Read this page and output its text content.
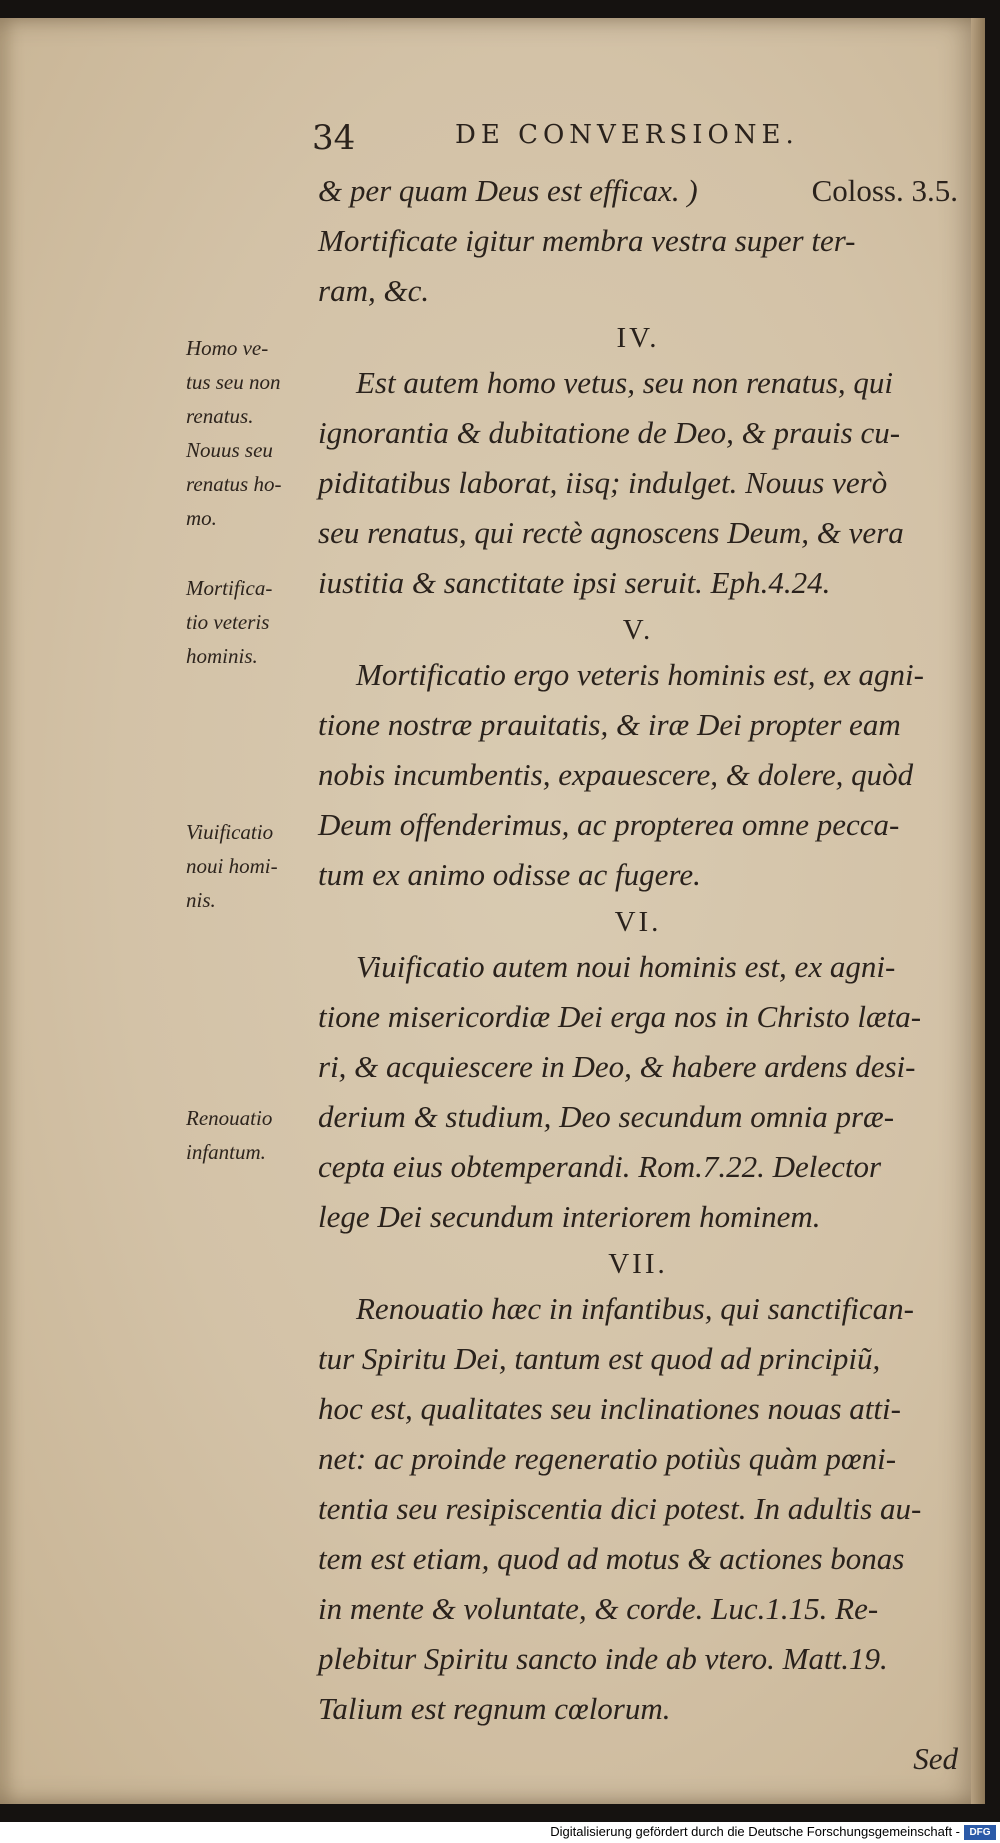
34	DE CONVERSIONE.
Homo ve-
tus seu non
renatus.
Nouus seu
renatus ho-
mo.
Mortifica-
tio veteris
hominis.
Viuificatio
noui homi-
nis.
Renouatio
infantum.
& per quam Deus est efficax. )	Coloss. 3.5.
Mortificate igitur membra vestra super ter-
ram, &c.
IV.
Est autem homo vetus, seu non renatus, qui
ignorantia & dubitatione de Deo, & prauis cu-
piditatibus laborat, iisq; indulget. Nouus verò
seu renatus, qui rectè agnoscens Deum, & vera
iustitia & sanctitate ipsi seruit. Eph.4.24.
V.
Mortificatio ergo veteris hominis est, ex agni-
tione nostræ prauitatis, & iræ Dei propter eam
nobis incumbentis, expauescere, & dolere, quòd
Deum offenderimus, ac propterea omne pecca-
tum ex animo odisse ac fugere.
VI.
Viuificatio autem noui hominis est, ex agni-
tione misericordiæ Dei erga nos in Christo læta-
ri, & acquiescere in Deo, & habere ardens desi-
derium & studium, Deo secundum omnia præ-
cepta eius obtemperandi. Rom.7.22. Delector
lege Dei secundum interiorem hominem.
VII.
Renouatio hæc in infantibus, qui sanctifican-
tur Spiritu Dei, tantum est quod ad principiũ,
hoc est, qualitates seu inclinationes nouas atti-
net: ac proinde regeneratio potiùs quàm pœni-
tentia seu resipiscentia dici potest. In adultis au-
tem est etiam, quod ad motus & actiones bonas
in mente & voluntate, & corde. Luc.1.15. Re-
plebitur Spiritu sancto inde ab vtero. Matt.19.
Talium est regnum cœlorum.
Sed
Digitalisierung gefördert durch die Deutsche Forschungsgemeinschaft - DFG
